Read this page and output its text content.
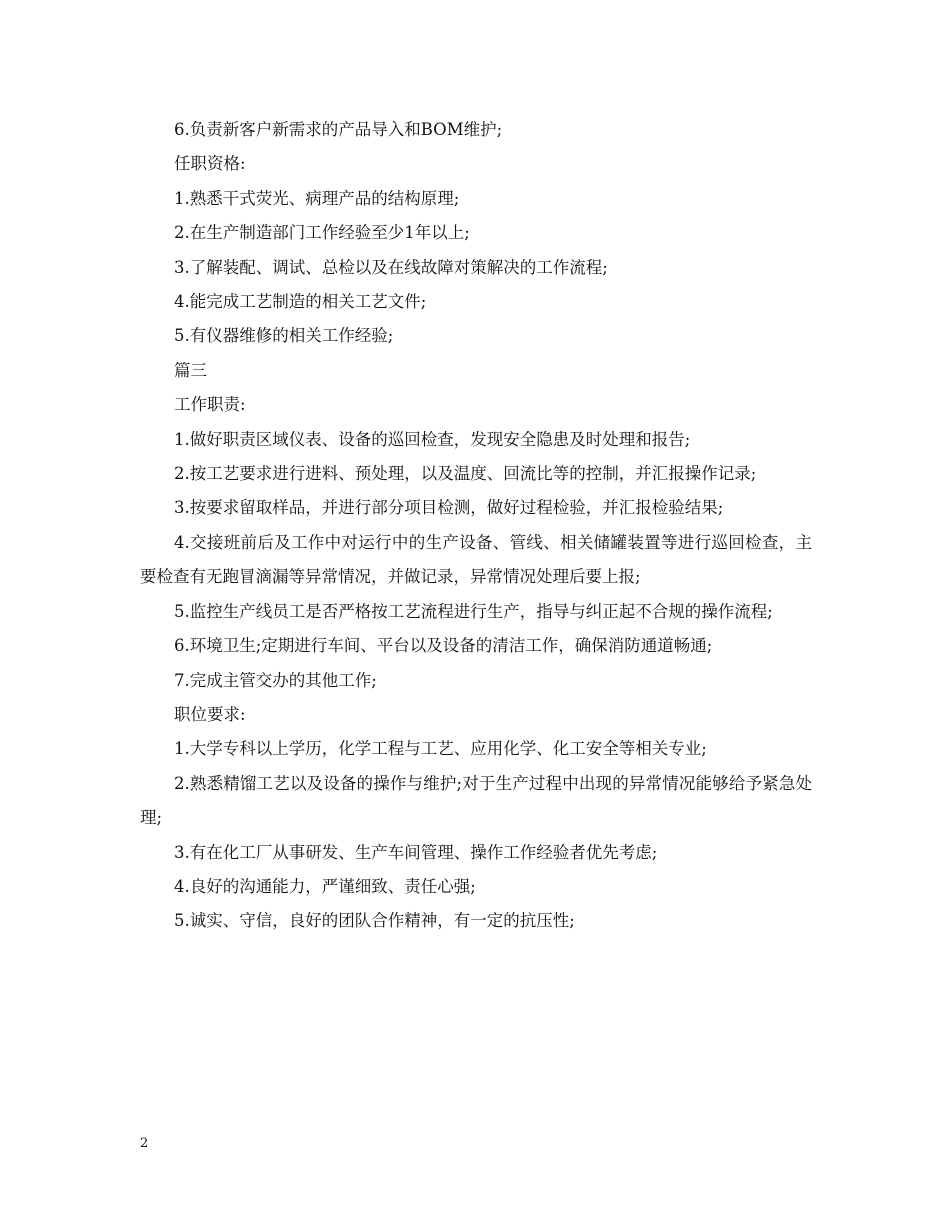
6.负责新客户新需求的产品导入和BOM维护;

任职资格:

1.熟悉干式荧光、病理产品的结构原理;

2.在生产制造部门工作经验至少1年以上;

3.了解装配、调试、总检以及在线故障对策解决的工作流程;

4.能完成工艺制造的相关工艺文件;

5.有仪器维修的相关工作经验;

篇三

工作职责:

1.做好职责区域仪表、设备的巡回检查，发现安全隐患及时处理和报告;

2.按工艺要求进行进料、预处理，以及温度、回流比等的控制，并汇报操作记录;

3.按要求留取样品，并进行部分项目检测，做好过程检验，并汇报检验结果;

4.交接班前后及工作中对运行中的生产设备、管线、相关储罐装置等进行巡回检查，主要检查有无跑冒滴漏等异常情况，并做记录，异常情况处理后要上报;

5.监控生产线员工是否严格按工艺流程进行生产，指导与纠正起不合规的操作流程;

6.环境卫生;定期进行车间、平台以及设备的清洁工作，确保消防通道畅通;

7.完成主管交办的其他工作;

职位要求:

1.大学专科以上学历，化学工程与工艺、应用化学、化工安全等相关专业;

2.熟悉精馏工艺以及设备的操作与维护;对于生产过程中出现的异常情况能够给予紧急处理;

3.有在化工厂从事研发、生产车间管理、操作工作经验者优先考虑;

4.良好的沟通能力，严谨细致、责任心强;

5.诚实、守信，良好的团队合作精神，有一定的抗压性;

2
